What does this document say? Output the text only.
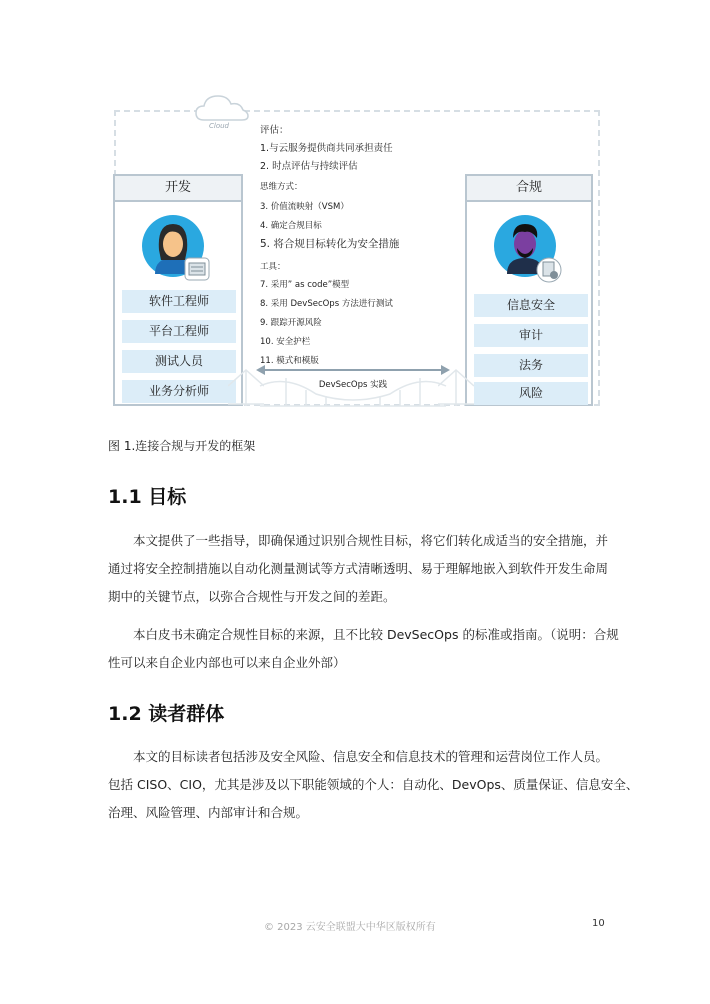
Cloud
开发
软件工程师
平台工程师
测试人员
业务分析师
合规
信息安全
审计
法务
风险
评估：
1.与云服务提供商共同承担责任
2. 时点评估与持续评估
思维方式：
3. 价值流映射（VSM）
4. 确定合规目标
5. 将合规目标转化为安全措施
工具：
7. 采用” as code”模型
8. 采用 DevSecOps 方法进行测试
9. 跟踪开源风险
10. 安全护栏
11. 模式和模版
DevSecOps 实践
图 1.连接合规与开发的框架
1.1 目标
本文提供了一些指导，即确保通过识别合规性目标，将它们转化成适当的安全措施，并
通过将安全控制措施以自动化测量测试等方式清晰透明、易于理解地嵌入到软件开发生命周
期中的关键节点，以弥合合规性与开发之间的差距。
本白皮书未确定合规性目标的来源，且不比较 DevSecOps 的标准或指南。（说明：合规
性可以来自企业内部也可以来自企业外部）
1.2 读者群体
本文的目标读者包括涉及安全风险、信息安全和信息技术的管理和运营岗位工作人员。
包括 CISO、CIO，尤其是涉及以下职能领域的个人：自动化、DevOps、质量保证、信息安全、
治理、风险管理、内部审计和合规。
© 2023 云安全联盟大中华区版权所有	10
